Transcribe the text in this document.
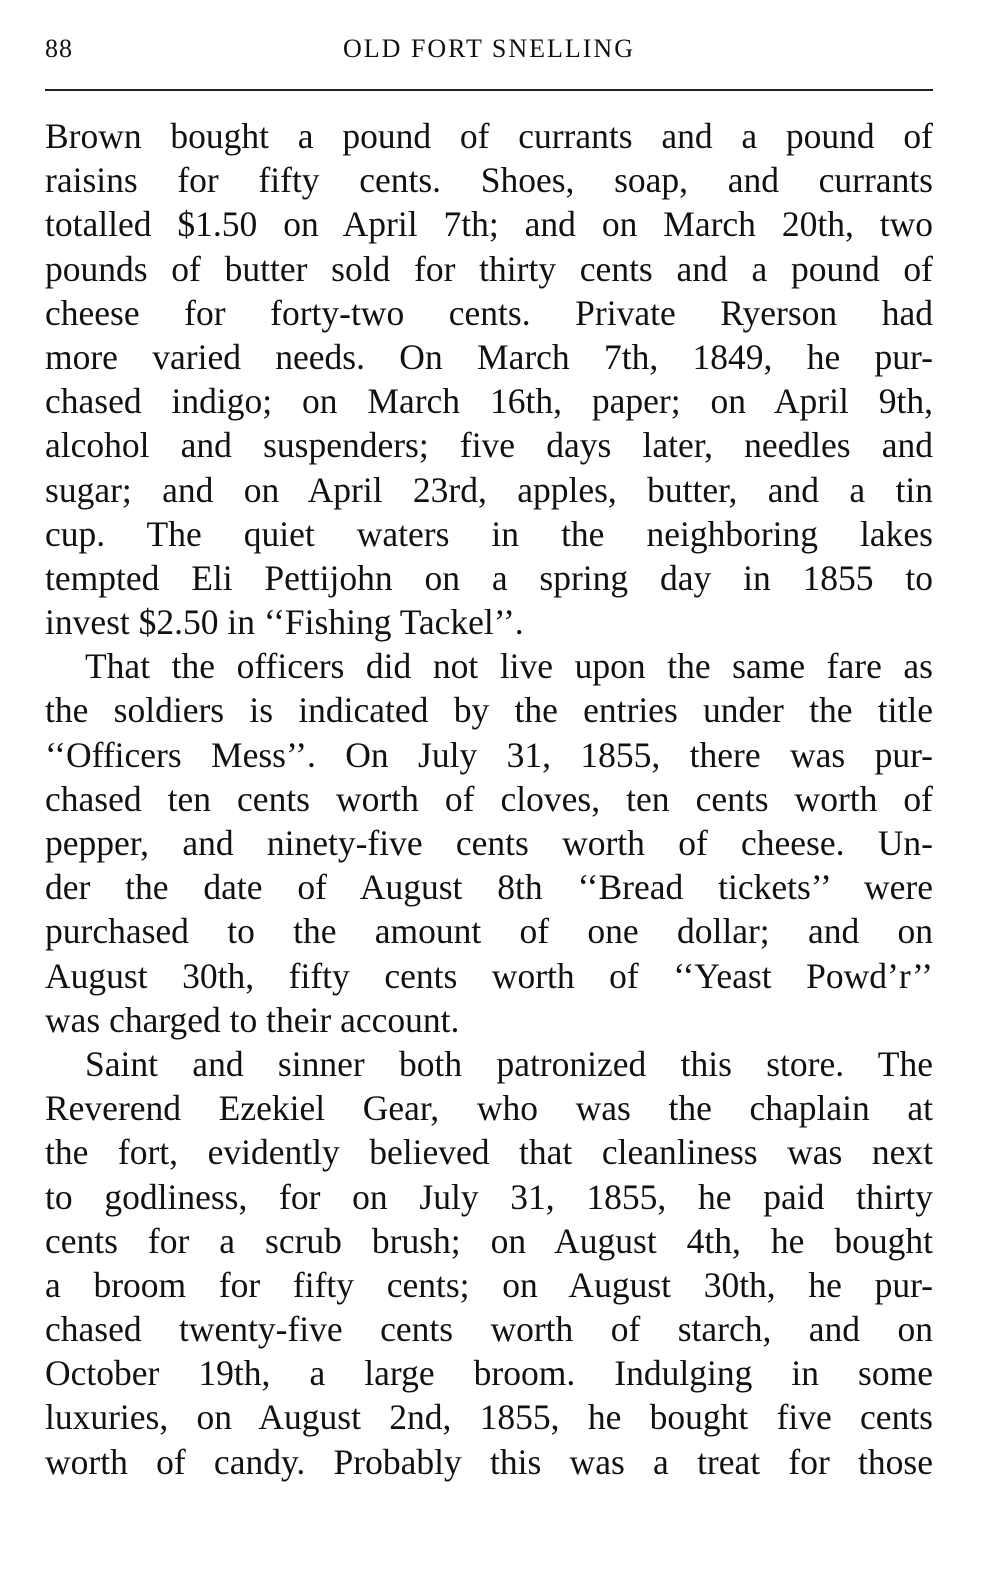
88	OLD FORT SNELLING
Brown bought a pound of currants and a pound of
raisins for fifty cents. Shoes, soap, and currants
totalled $1.50 on April 7th; and on March 20th, two
pounds of butter sold for thirty cents and a pound of
cheese for forty-two cents. Private Ryerson had
more varied needs. On March 7th, 1849, he pur-
chased indigo; on March 16th, paper; on April 9th,
alcohol and suspenders; five days later, needles and
sugar; and on April 23rd, apples, butter, and a tin
cup. The quiet waters in the neighboring lakes
tempted Eli Pettijohn on a spring day in 1855 to
invest $2.50 in ‘‘Fishing Tackel’’.
That the officers did not live upon the same fare as
the soldiers is indicated by the entries under the title
‘‘Officers Mess’’. On July 31, 1855, there was pur-
chased ten cents worth of cloves, ten cents worth of
pepper, and ninety-five cents worth of cheese. Un-
der the date of August 8th ‘‘Bread tickets’’ were
purchased to the amount of one dollar; and on
August 30th, fifty cents worth of ‘‘Yeast Powd’r’’
was charged to their account.
Saint and sinner both patronized this store. The
Reverend Ezekiel Gear, who was the chaplain at
the fort, evidently believed that cleanliness was next
to godliness, for on July 31, 1855, he paid thirty
cents for a scrub brush; on August 4th, he bought
a broom for fifty cents; on August 30th, he pur-
chased twenty-five cents worth of starch, and on
October 19th, a large broom. Indulging in some
luxuries, on August 2nd, 1855, he bought five cents
worth of candy. Probably this was a treat for those
